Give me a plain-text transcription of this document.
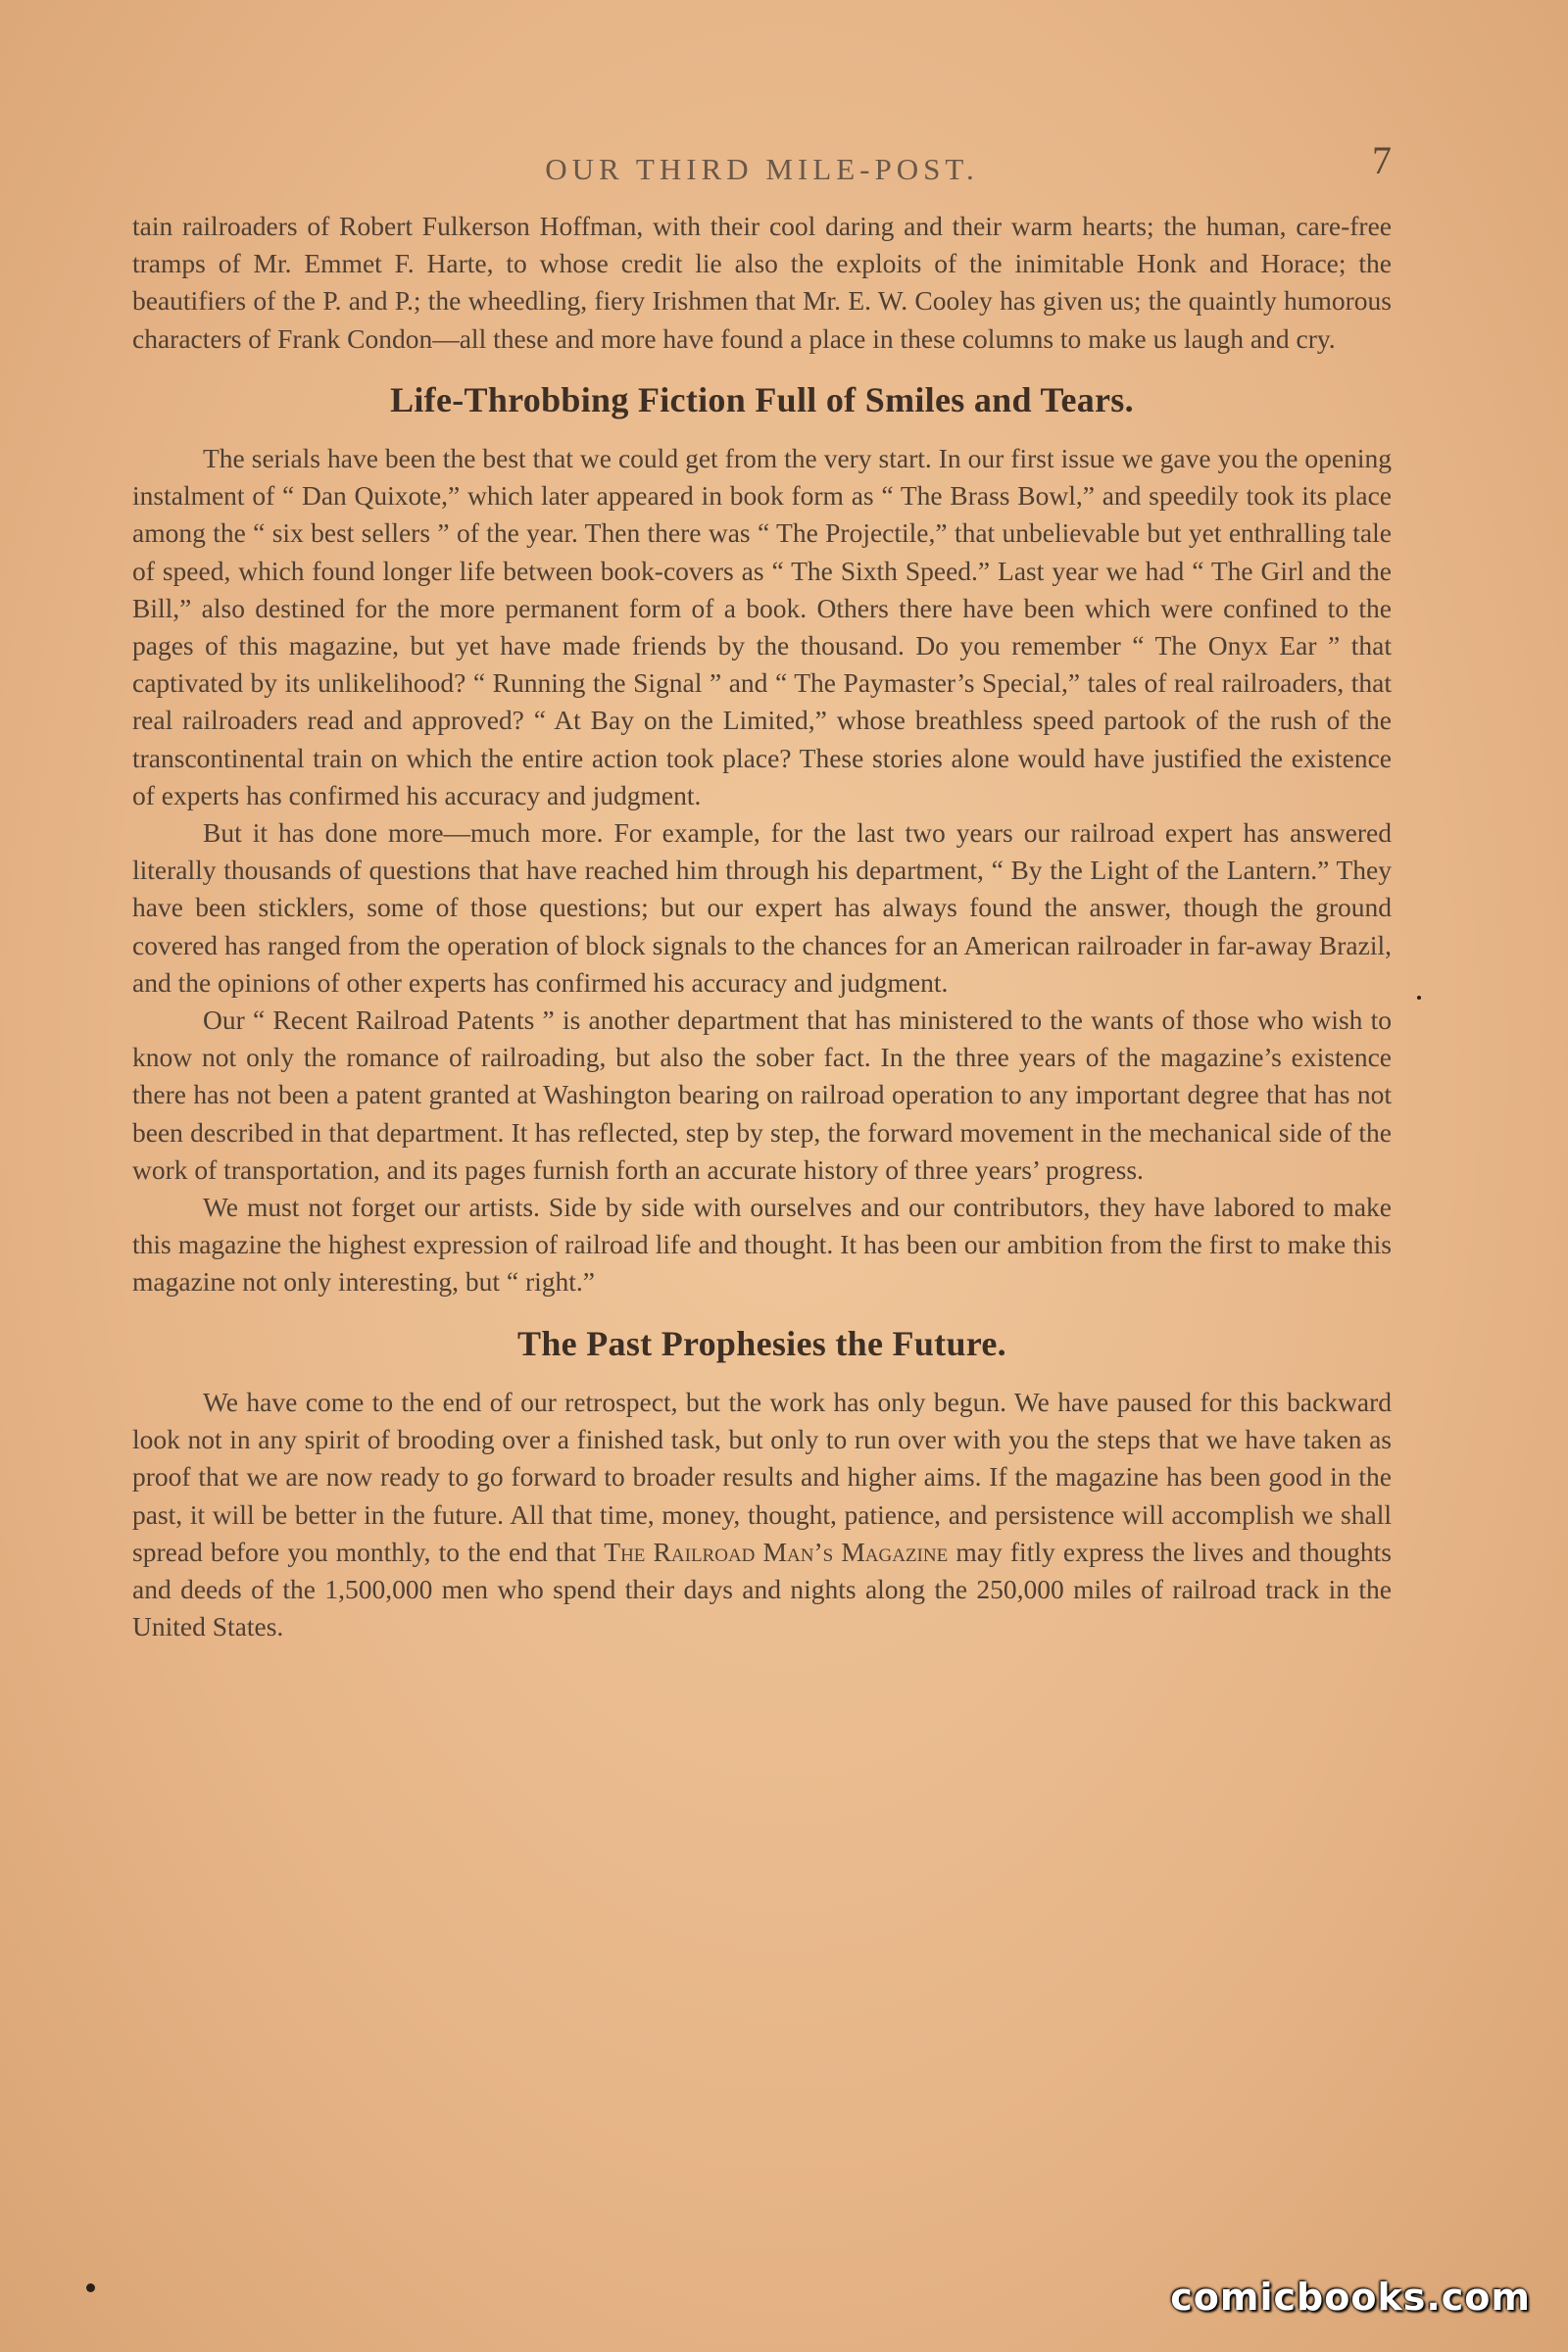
OUR THIRD MILE-POST.	7

tain railroaders of Robert Fulkerson Hoffman, with their cool daring and their warm hearts; the human, care-free tramps of Mr. Emmet F. Harte, to whose credit lie also the exploits of the inimitable Honk and Horace; the beautifiers of the P. and P.; the wheedling, fiery Irishmen that Mr. E. W. Cooley has given us; the quaintly humorous characters of Frank Condon—all these and more have found a place in these columns to make us laugh and cry.

Life-Throbbing Fiction Full of Smiles and Tears.

The serials have been the best that we could get from the very start. In our first issue we gave you the opening instalment of “ Dan Quixote,” which later appeared in book form as “ The Brass Bowl,” and speedily took its place among the “ six best sellers ” of the year. Then there was “ The Projectile,” that unbelievable but yet enthralling tale of speed, which found longer life between book-covers as “ The Sixth Speed.” Last year we had “ The Girl and the Bill,” also destined for the more permanent form of a book. Others there have been which were confined to the pages of this magazine, but yet have made friends by the thousand. Do you remember “ The Onyx Ear ” that captivated by its unlikelihood? “ Running the Signal ” and “ The Paymaster’s Special,” tales of real railroaders, that real railroaders read and approved? “ At Bay on the Limited,” whose breathless speed partook of the rush of the transcontinental train on which the entire action took place? These stories alone would have justified the existence of experts has confirmed his accuracy and judgment.

But it has done more—much more. For example, for the last two years our railroad expert has answered literally thousands of questions that have reached him through his department, “ By the Light of the Lantern.” They have been sticklers, some of those questions; but our expert has always found the answer, though the ground covered has ranged from the operation of block signals to the chances for an American railroader in far-away Brazil, and the opinions of other experts has confirmed his accuracy and judgment.

Our “ Recent Railroad Patents ” is another department that has ministered to the wants of those who wish to know not only the romance of railroading, but also the sober fact. In the three years of the magazine’s existence there has not been a patent granted at Washington bearing on railroad operation to any important degree that has not been described in that department. It has reflected, step by step, the forward movement in the mechanical side of the work of transportation, and its pages furnish forth an accurate history of three years’ progress.

We must not forget our artists. Side by side with ourselves and our contributors, they have labored to make this magazine the highest expression of railroad life and thought. It has been our ambition from the first to make this magazine not only interesting, but “ right.”

The Past Prophesies the Future.

We have come to the end of our retrospect, but the work has only begun. We have paused for this backward look not in any spirit of brooding over a finished task, but only to run over with you the steps that we have taken as proof that we are now ready to go forward to broader results and higher aims. If the magazine has been good in the past, it will be better in the future. All that time, money, thought, patience, and persistence will accomplish we shall spread before you monthly, to the end that The Railroad Man’s Magazine may fitly express the lives and thoughts and deeds of the 1,500,000 men who spend their days and nights along the 250,000 miles of railroad track in the United States.

comicbooks.com
